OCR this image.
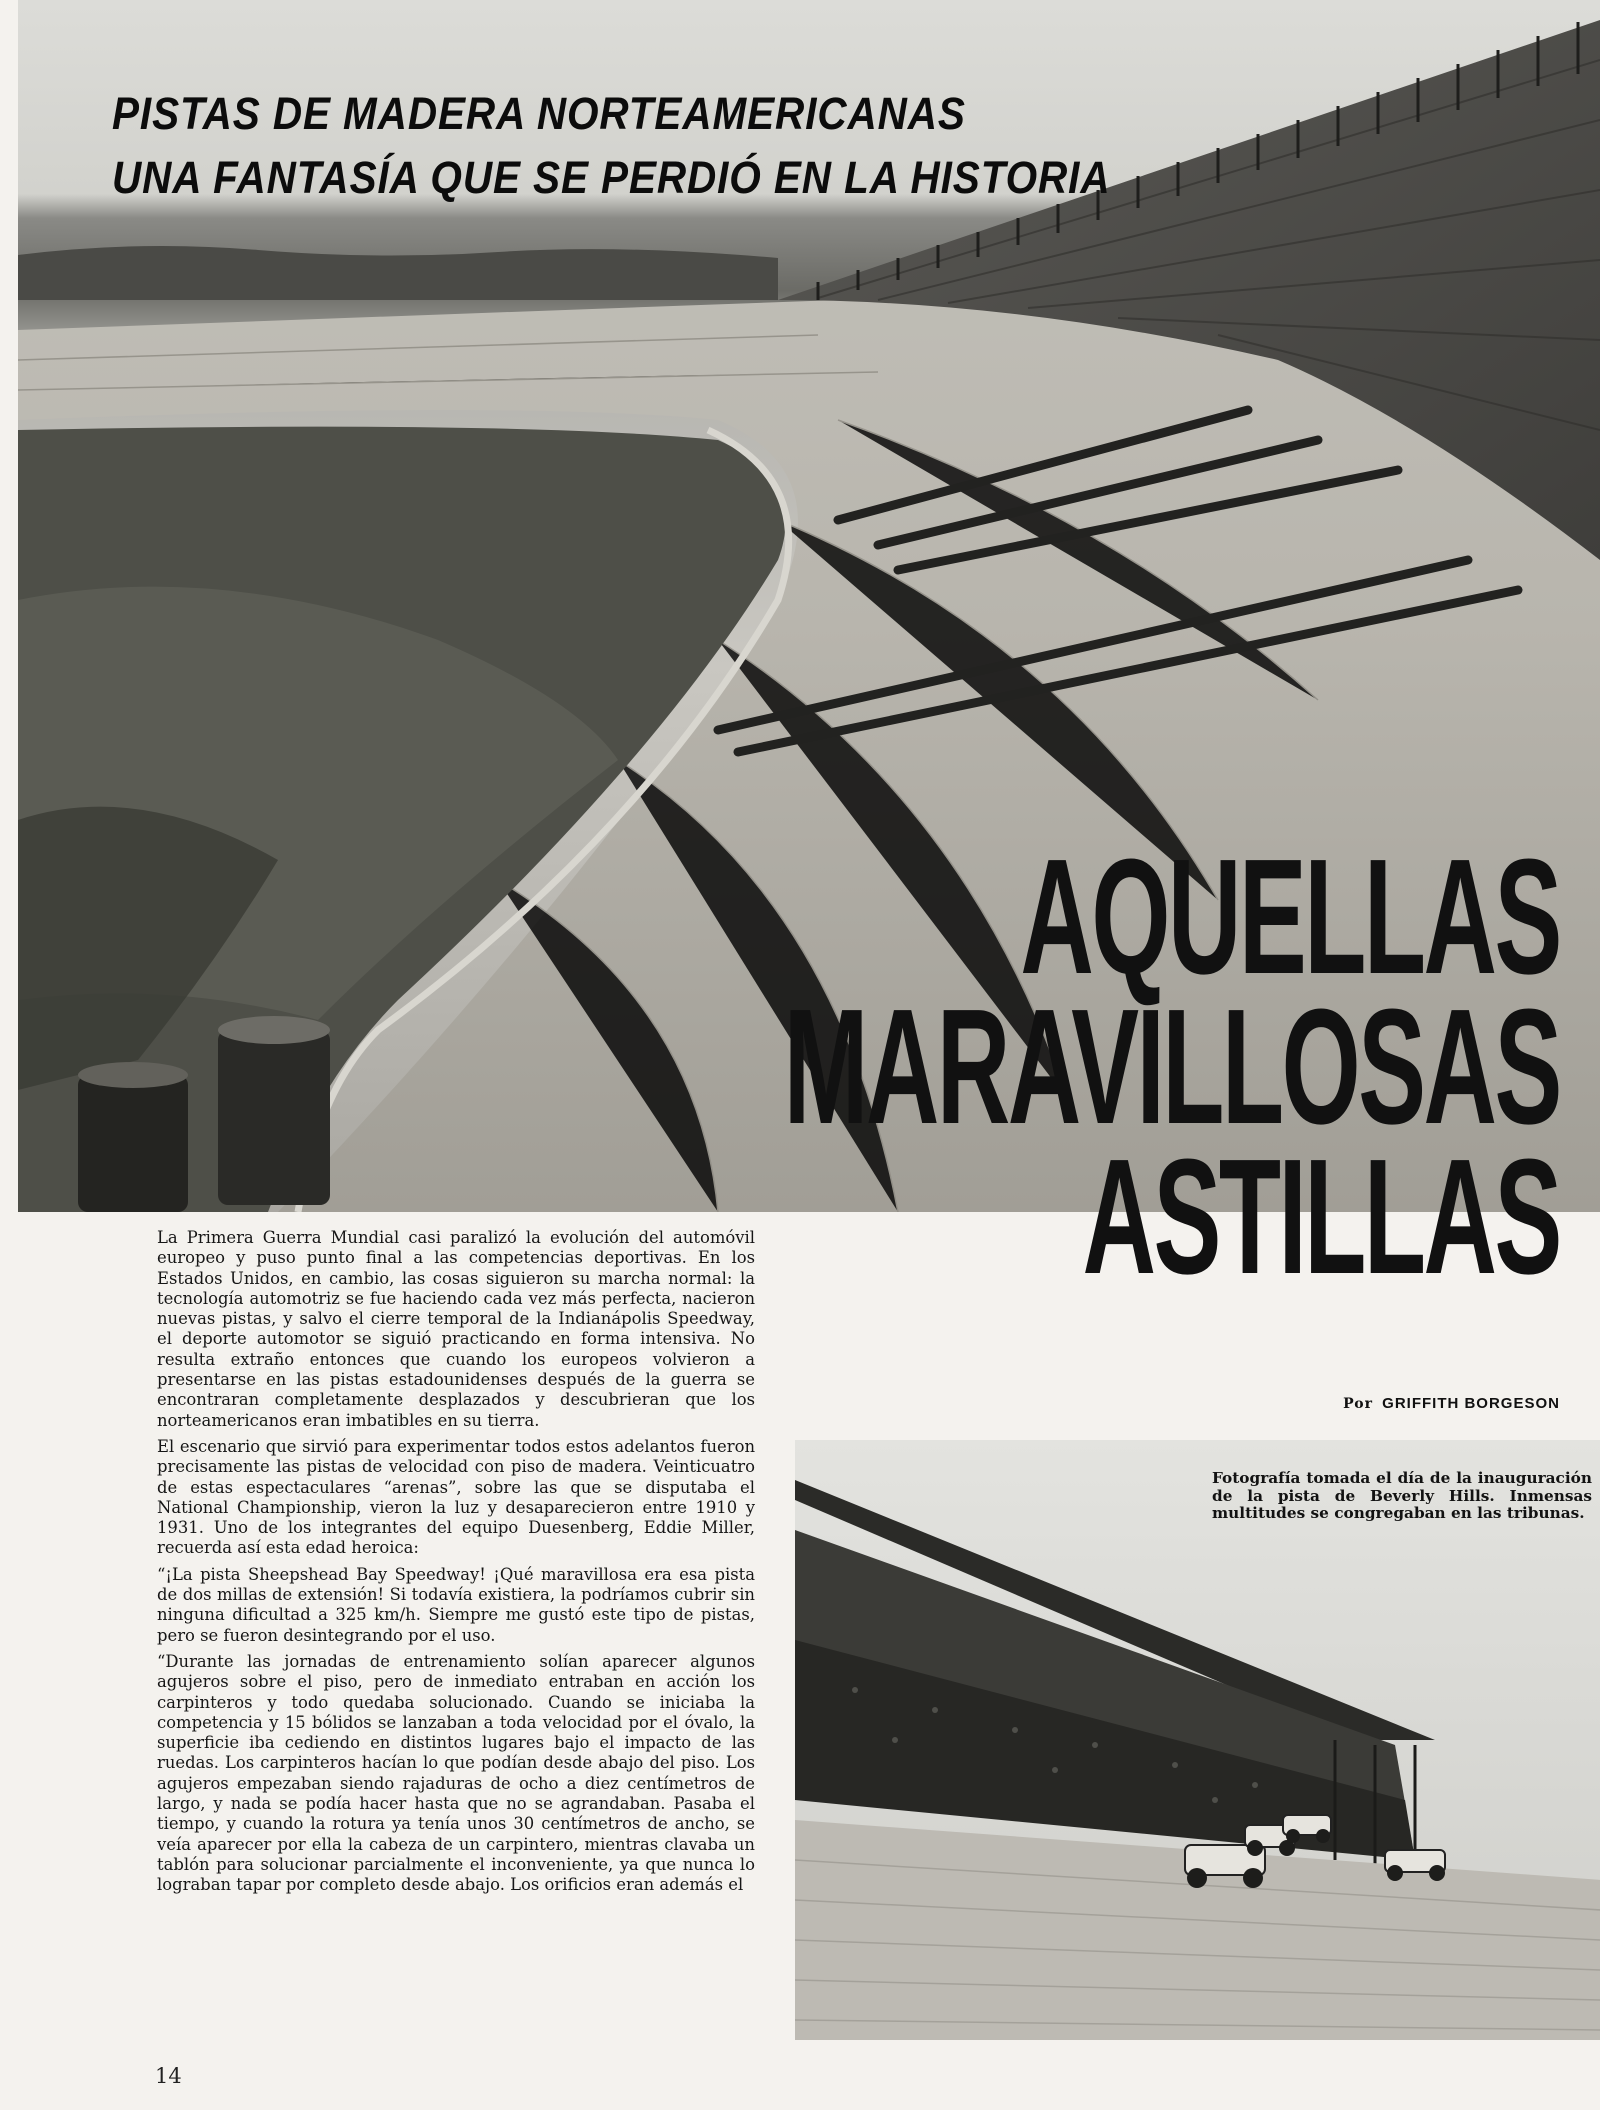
PISTAS DE MADERA NORTEAMERICANAS
UNA FANTASÍA QUE SE PERDIÓ EN LA HISTORIA
AQUELLAS
MARAVILLOSAS
ASTILLAS

La Primera Guerra Mundial casi paralizó la evolución del automóvil europeo y puso punto final a las competencias deportivas. En los Estados Unidos, en cambio, las cosas siguieron su marcha normal: la tecnología automotriz se fue haciendo cada vez más perfecta, nacieron nuevas pistas, y salvo el cierre temporal de la Indianápolis Speedway, el deporte automotor se siguió practicando en forma intensiva. No resulta extraño entonces que cuando los europeos volvieron a presentarse en las pistas estadounidenses después de la guerra se encontraran completamente desplazados y descubrieran que los norteamericanos eran imbatibles en su tierra.

El escenario que sirvió para experimentar todos estos adelantos fueron precisamente las pistas de velocidad con piso de madera. Veinticuatro de estas espectaculares “arenas”, sobre las que se disputaba el National Championship, vieron la luz y desaparecieron entre 1910 y 1931. Uno de los integrantes del equipo Duesenberg, Eddie Miller, recuerda así esta edad heroica:

“¡La pista Sheepshead Bay Speedway! ¡Qué maravillosa era esa pista de dos millas de extensión! Si todavía existiera, la podríamos cubrir sin ninguna dificultad a 325 km/h. Siempre me gustó este tipo de pistas, pero se fueron desintegrando por el uso.

“Durante las jornadas de entrenamiento solían aparecer algunos agujeros sobre el piso, pero de inmediato entraban en acción los carpinteros y todo quedaba solucionado. Cuando se iniciaba la competencia y 15 bólidos se lanzaban a toda velocidad por el óvalo, la superficie iba cediendo en distintos lugares bajo el impacto de las ruedas. Los carpinteros hacían lo que podían desde abajo del piso. Los agujeros empezaban siendo rajaduras de ocho a diez centímetros de largo, y nada se podía hacer hasta que no se agrandaban. Pasaba el tiempo, y cuando la rotura ya tenía unos 30 centímetros de ancho, se veía aparecer por ella la cabeza de un carpintero, mientras clavaba un tablón para solucionar parcialmente el inconveniente, ya que nunca lo lograban tapar por completo desde abajo. Los orificios eran además el

Por GRIFFITH BORGESON
Fotografía tomada el día de la inauguración de la pista de Beverly Hills. Inmensas multitudes se congregaban en las tribunas.
14
